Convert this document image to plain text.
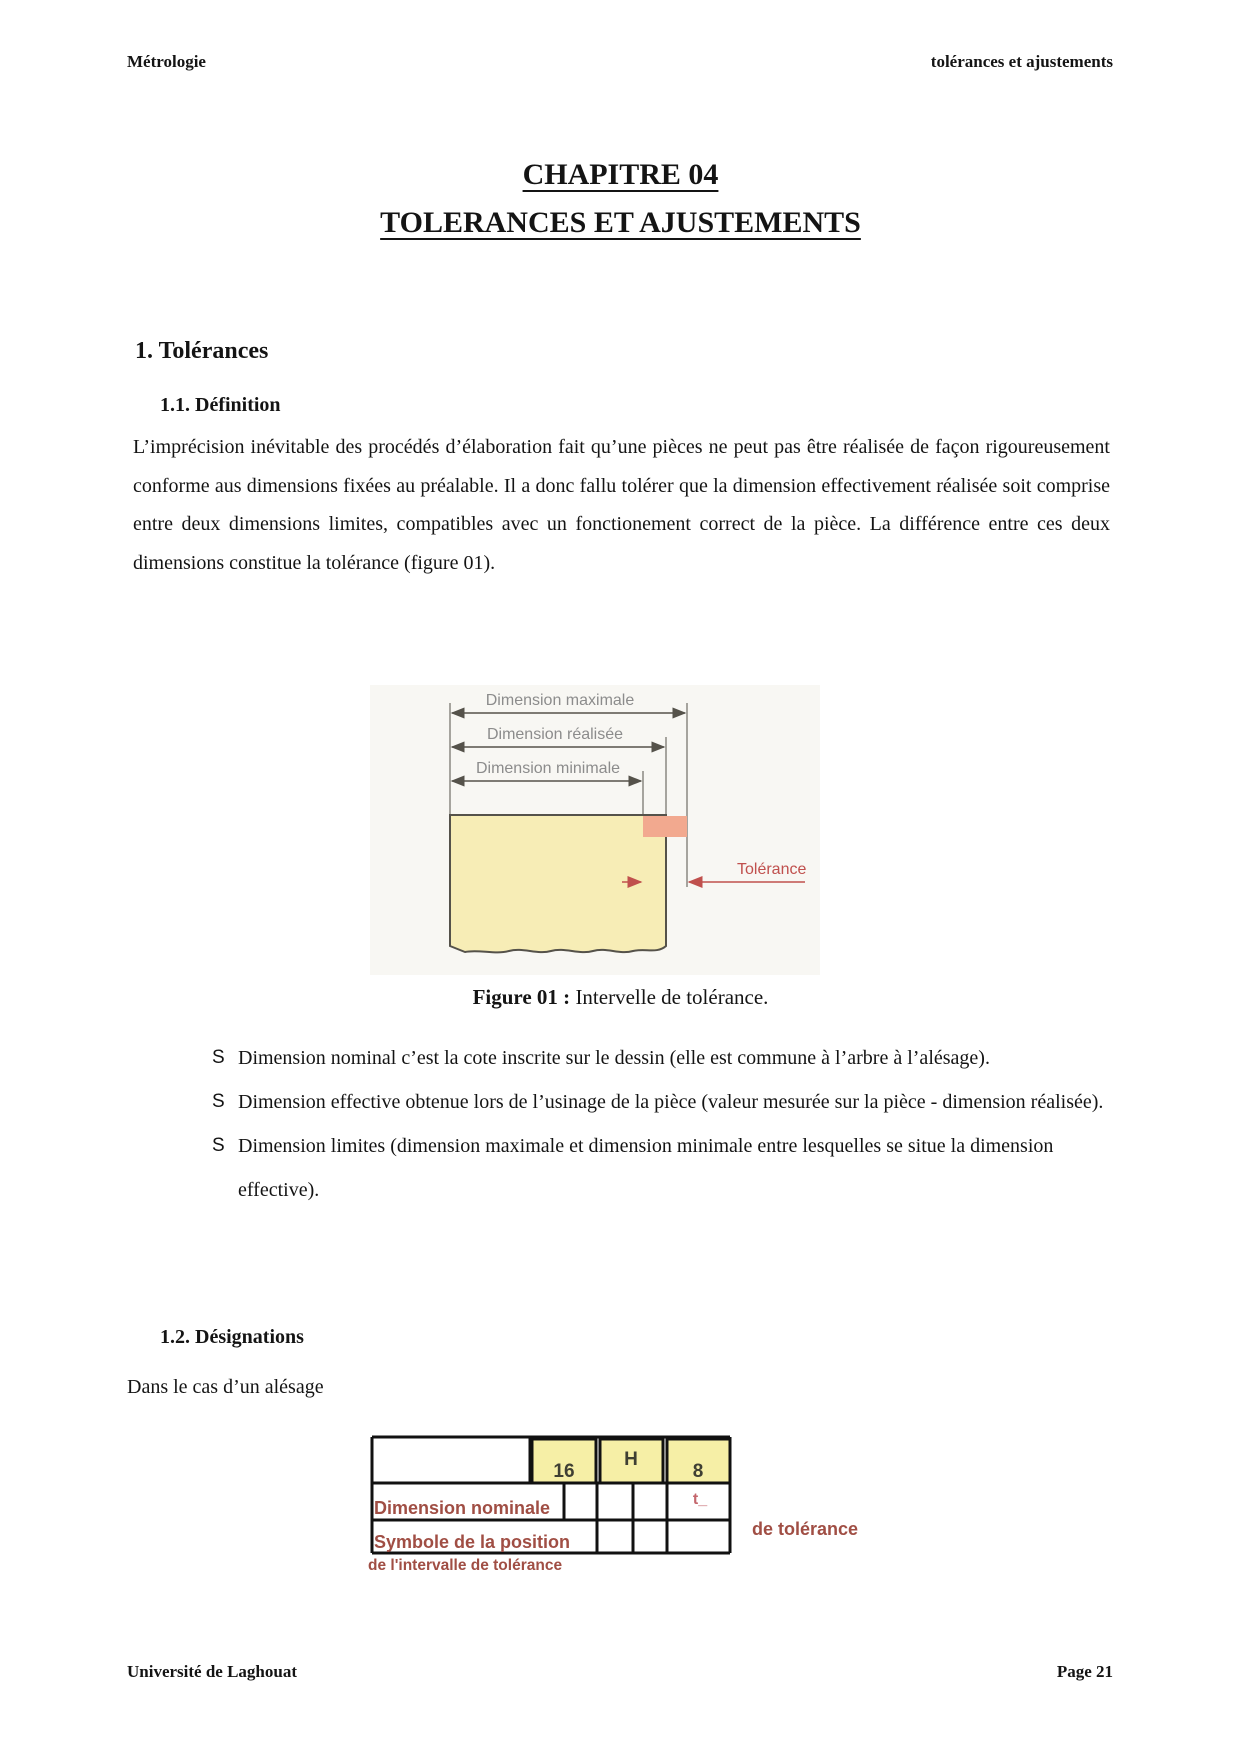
Métrologie	tolérances et ajustements
CHAPITRE 04
TOLERANCES ET AJUSTEMENTS
1. Tolérances
1.1. Définition
L’imprécision inévitable des procédés d’élaboration fait qu’une pièces ne peut pas être réalisée de façon rigoureusement conforme aus dimensions fixées au préalable. Il a donc fallu tolérer que la dimension effectivement réalisée soit comprise entre deux dimensions limites, compatibles avec un fonctionement correct de la pièce. La différence entre ces deux dimensions constitue la tolérance (figure 01).
Dimension maximale
Dimension réalisée
Dimension minimale
Tolérance
Figure 01 : Intervelle de tolérance.
S Dimension nominal c’est la cote inscrite sur le dessin (elle est commune à l’arbre à l’alésage).
S Dimension effective obtenue lors de l’usinage de la pièce (valeur mesurée sur la pièce - dimension réalisée).
S Dimension limites (dimension maximale et dimension minimale entre lesquelles se situe la dimension effective).
1.2. Désignations
Dans le cas d’un alésage
16
H
8
t_
Dimension nominale
Symbole de la position
de l'intervalle de tolérance
de tolérance
Université de Laghouat	Page 21
